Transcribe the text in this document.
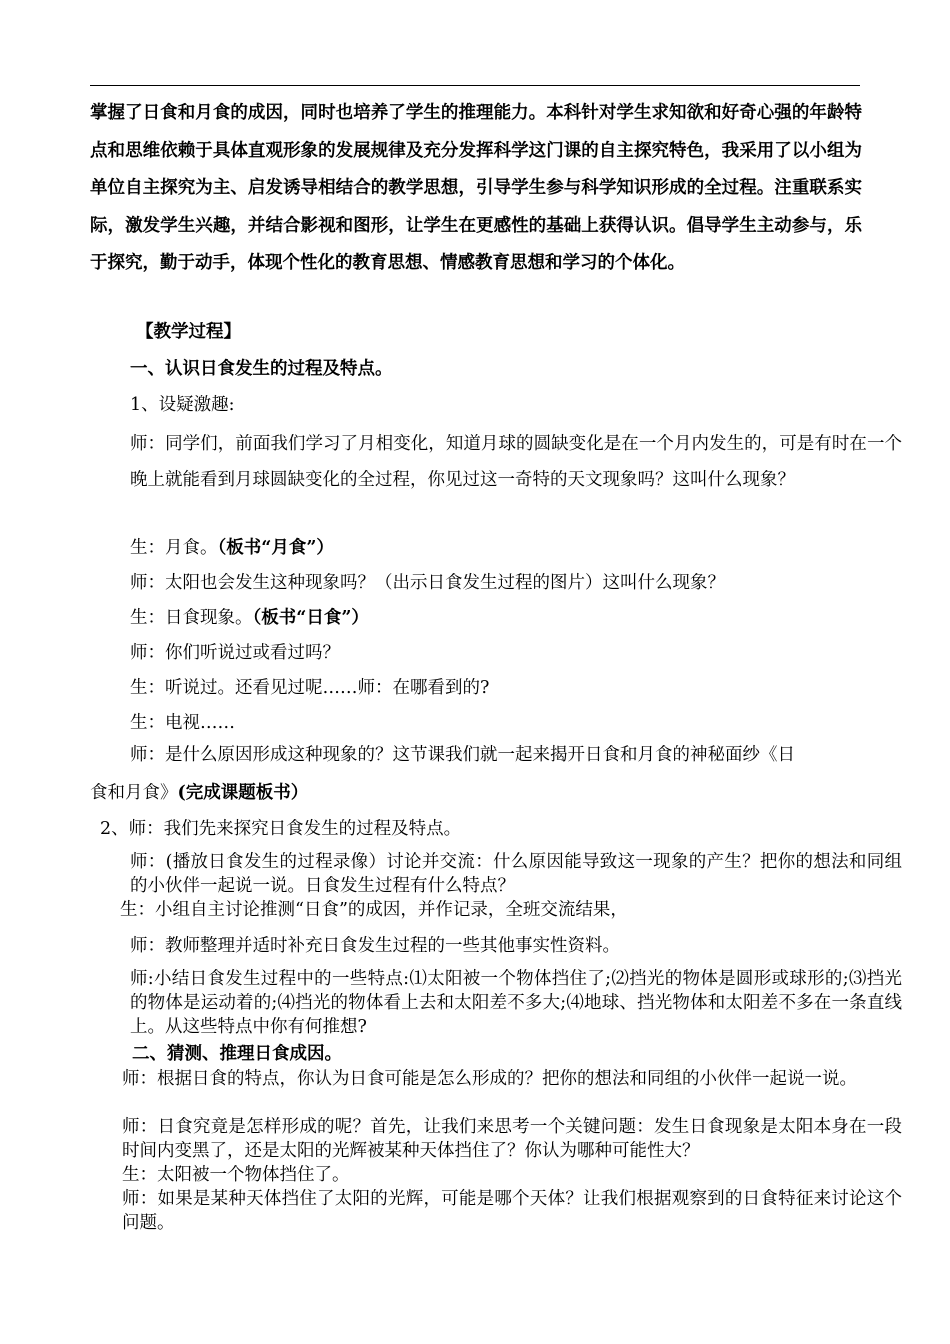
掌握了日食和月食的成因，同时也培养了学生的推理能力。本科针对学生求知欲和好奇心强的年龄特点和思维依赖于具体直观形象的发展规律及充分发挥科学这门课的自主探究特色，我采用了以小组为单位自主探究为主、启发诱导相结合的教学思想，引导学生参与科学知识形成的全过程。注重联系实际，激发学生兴趣，并结合影视和图形，让学生在更感性的基础上获得认识。倡导学生主动参与，乐于探究，勤于动手，体现个性化的教育思想、情感教育思想和学习的个体化。
【教学过程】
一、认识日食发生的过程及特点。
1、设疑激趣:
师：同学们，前面我们学习了月相变化，知道月球的圆缺变化是在一个月内发生的，可是有时在一个晚上就能看到月球圆缺变化的全过程，你见过这一奇特的天文现象吗？这叫什么现象？
生：月食。（板书“月食”）
师：太阳也会发生这种现象吗？（出示日食发生过程的图片）这叫什么现象？
生：日食现象。（板书“日食”）
师：你们听说过或看过吗？
生：听说过。还看见过呢……师：在哪看到的?
生：电视……
师：是什么原因形成这种现象的？这节课我们就一起来揭开日食和月食的神秘面纱《日
食和月食》(完成课题板书）
2、师：我们先来探究日食发生的过程及特点。
师：(播放日食发生的过程录像）讨论并交流：什么原因能导致这一现象的产生？把你的想法和同组的小伙伴一起说一说。日食发生过程有什么特点？
生：小组自主讨论推测“日食”的成因，并作记录，全班交流结果，
师：教师整理并适时补充日食发生过程的一些其他事实性资料。
师:小结日食发生过程中的一些特点:⑴太阳被一个物体挡住了;⑵挡光的物体是圆形或球形的;⑶挡光的物体是运动着的;⑷挡光的物体看上去和太阳差不多大;⑷地球、挡光物体和太阳差不多在一条直线上。从这些特点中你有何推想?
二、猜测、推理日食成因。
师：根据日食的特点，你认为日食可能是怎么形成的？把你的想法和同组的小伙伴一起说一说。
师：日食究竟是怎样形成的呢？首先，让我们来思考一个关键问题：发生日食现象是太阳本身在一段时间内变黑了，还是太阳的光辉被某种天体挡住了？你认为哪种可能性大？
生：太阳被一个物体挡住了。
师：如果是某种天体挡住了太阳的光辉，可能是哪个天体？让我们根据观察到的日食特征来讨论这个问题。
